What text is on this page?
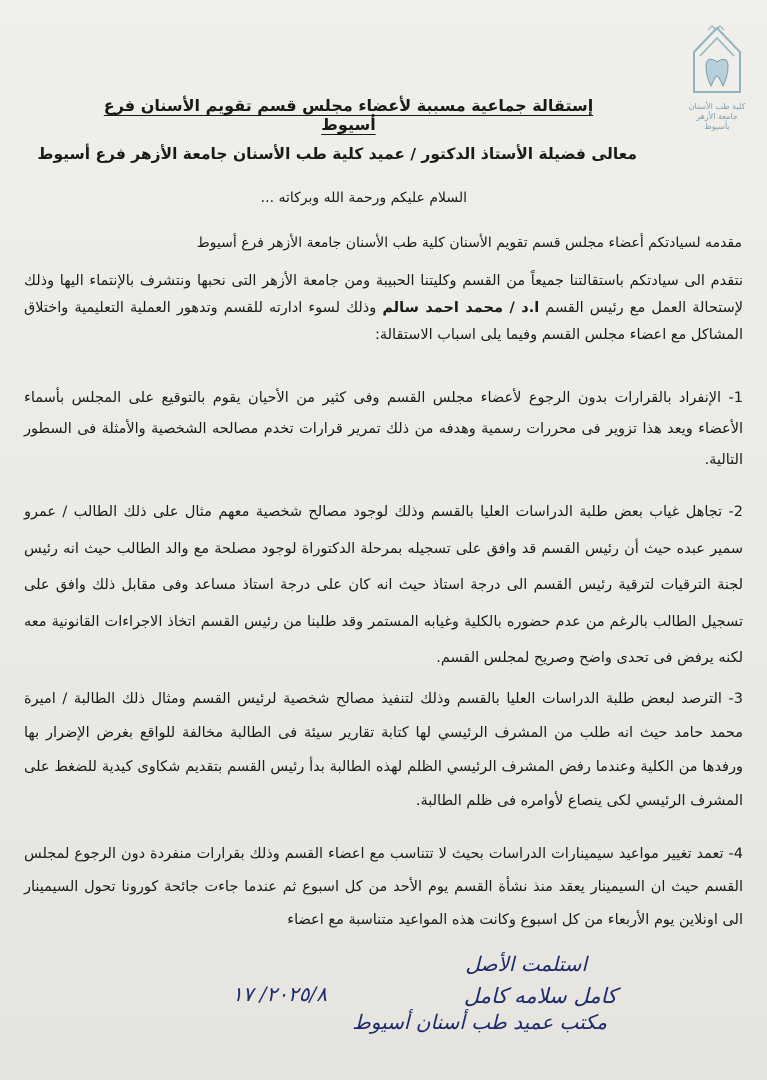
كلية طب الأسنان
جامعة الأزهر بأسيوط
إستقالة جماعية مسببة لأعضاء مجلس قسم تقويم الأسنان فرع أسيوط
معالى فضيلة الأستاذ الدكتور / عميد كلية طب الأسنان جامعة الأزهر فرع أسيوط
السلام عليكم ورحمة الله وبركاته ...
مقدمه لسيادتكم أعضاء مجلس قسم تقويم الأسنان كلية طب الأسنان جامعة الأزهر فرع أسيوط
نتقدم الى سيادتكم باستقالتنا جميعاً من القسم وكليتنا الحبيبة ومن جامعة الأزهر التى نحبها ونتشرف بالإنتماء اليها وذلك لإستحالة العمل مع رئيس القسم ا.د / محمد احمد سالم وذلك لسوء ادارته للقسم وتدهور العملية التعليمية واختلاق المشاكل مع اعضاء مجلس القسم وفيما يلى اسباب الاستقالة:
1- الإنفراد بالقرارات بدون الرجوع لأعضاء مجلس القسم وفى كثير من الأحيان يقوم بالتوقيع على المجلس بأسماء الأعضاء ويعد هذا تزوير فى محررات رسمية وهدفه من ذلك تمرير قرارات تخدم مصالحه الشخصية والأمثلة فى السطور التالية.
2- تجاهل غياب بعض طلبة الدراسات العليا بالقسم وذلك لوجود مصالح شخصية معهم مثال على ذلك الطالب / عمرو سمير عبده حيث أن رئيس القسم قد وافق على تسجيله بمرحلة الدكتوراة لوجود مصلحة مع والد الطالب حيث انه رئيس لجنة الترقيات لترقية رئيس القسم الى درجة استاذ حيث انه كان على درجة استاذ مساعد وفى مقابل ذلك وافق على تسجيل الطالب بالرغم من عدم حضوره بالكلية وغيابه المستمر وقد طلبنا من رئيس القسم اتخاذ الاجراءات القانونية معه لكنه يرفض فى تحدى واضح وصريح لمجلس القسم.
3- الترصد لبعض طلبة الدراسات العليا بالقسم وذلك لتنفيذ مصالح شخصية لرئيس القسم ومثال ذلك الطالبة / اميرة محمد حامد حيث انه طلب من المشرف الرئيسي لها كتابة تقارير سيئة فى الطالبة مخالفة للواقع بغرض الإضرار بها ورفدها من الكلية وعندما رفض المشرف الرئيسي الظلم لهذه الطالبة بدأ رئيس القسم بتقديم شكاوى كيدية للضغط على المشرف الرئيسي لكى ينصاع لأوامره فى ظلم الطالبة.
4- تعمد تغيير مواعيد سيمينارات الدراسات بحيث لا تتناسب مع اعضاء القسم وذلك بقرارات منفردة دون الرجوع لمجلس القسم حيث ان السيمينار يعقد منذ نشأة القسم يوم الأحد من كل اسبوع ثم عندما جاءت جائحة كورونا تحول السيمينار الى اونلاين يوم الأربعاء من كل اسبوع وكانت هذه المواعيد متناسبة مع اعضاء
استلمت الأصل
كامل سلامه كامل
مكتب عميد طب أسنان أسيوط
٢٠٢٥/٨/ ١٧
